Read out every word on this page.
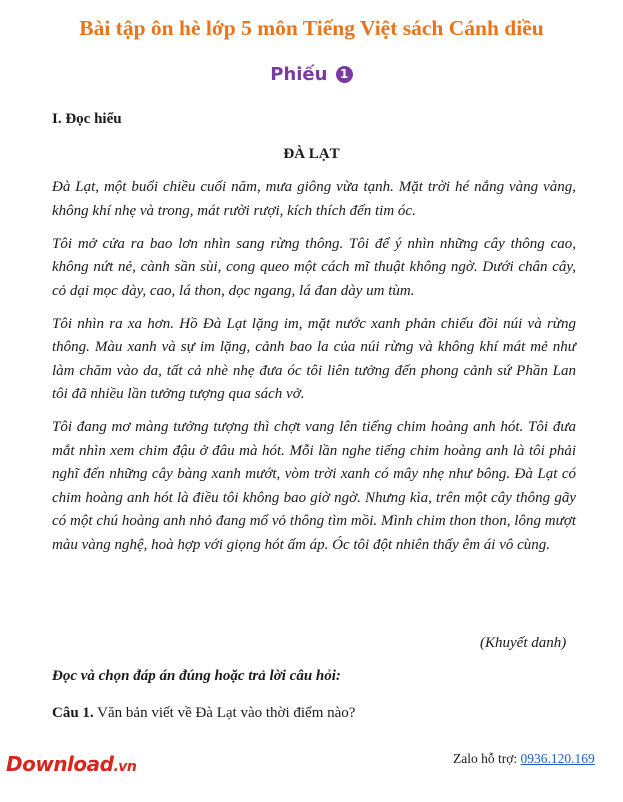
Bài tập ôn hè lớp 5 môn Tiếng Việt sách Cánh diều
Phiếu 1
I. Đọc hiểu
ĐÀ LẠT

Đà Lạt, một buổi chiều cuối năm, mưa giông vừa tạnh. Mặt trời hé nắng vàng vàng, không khí nhẹ và trong, mát rười rượi, kích thích đến tim óc.

Tôi mở cửa ra bao lơn nhìn sang rừng thông. Tôi để ý nhìn những cây thông cao, không nứt nẻ, cành sần sùi, cong queo một cách mĩ thuật không ngờ. Dưới chân cây, cỏ dại mọc dày, cao, lá thon, dọc ngang, lá đan dày um tùm.

Tôi nhìn ra xa hơn. Hồ Đà Lạt lặng im, mặt nước xanh phản chiếu đồi núi và rừng thông. Màu xanh và sự im lặng, cảnh bao la của núi rừng và không khí mát mẻ như làm chăm vào da, tất cả nhè nhẹ đưa óc tôi liên tưởng đến phong cảnh sứ Phần Lan tôi đã nhiều lần tưởng tượng qua sách vở.

Tôi đang mơ màng tưởng tượng thì chợt vang lên tiếng chim hoàng anh hót. Tôi đưa mắt nhìn xem chim đậu ở đâu mà hót. Mỗi lần nghe tiếng chim hoàng anh là tôi phải nghĩ đến những cây bàng xanh mướt, vòm trời xanh có mây nhẹ như bông. Đà Lạt có chim hoàng anh hót là điều tôi không bao giờ ngờ. Nhưng kìa, trên một cây thông gãy có một chú hoàng anh nhỏ đang mổ vỏ thông tìm mồi. Mình chim thon thon, lông mượt màu vàng nghệ, hoà hợp với giọng hót ấm áp. Óc tôi đột nhiên thấy êm ái vô cùng.

(Khuyết danh)
Đọc và chọn đáp án đúng hoặc trả lời câu hỏi:
Câu 1. Văn bản viết về Đà Lạt vào thời điểm nào?
Download.vn
Zalo hỗ trợ: 0936.120.169
